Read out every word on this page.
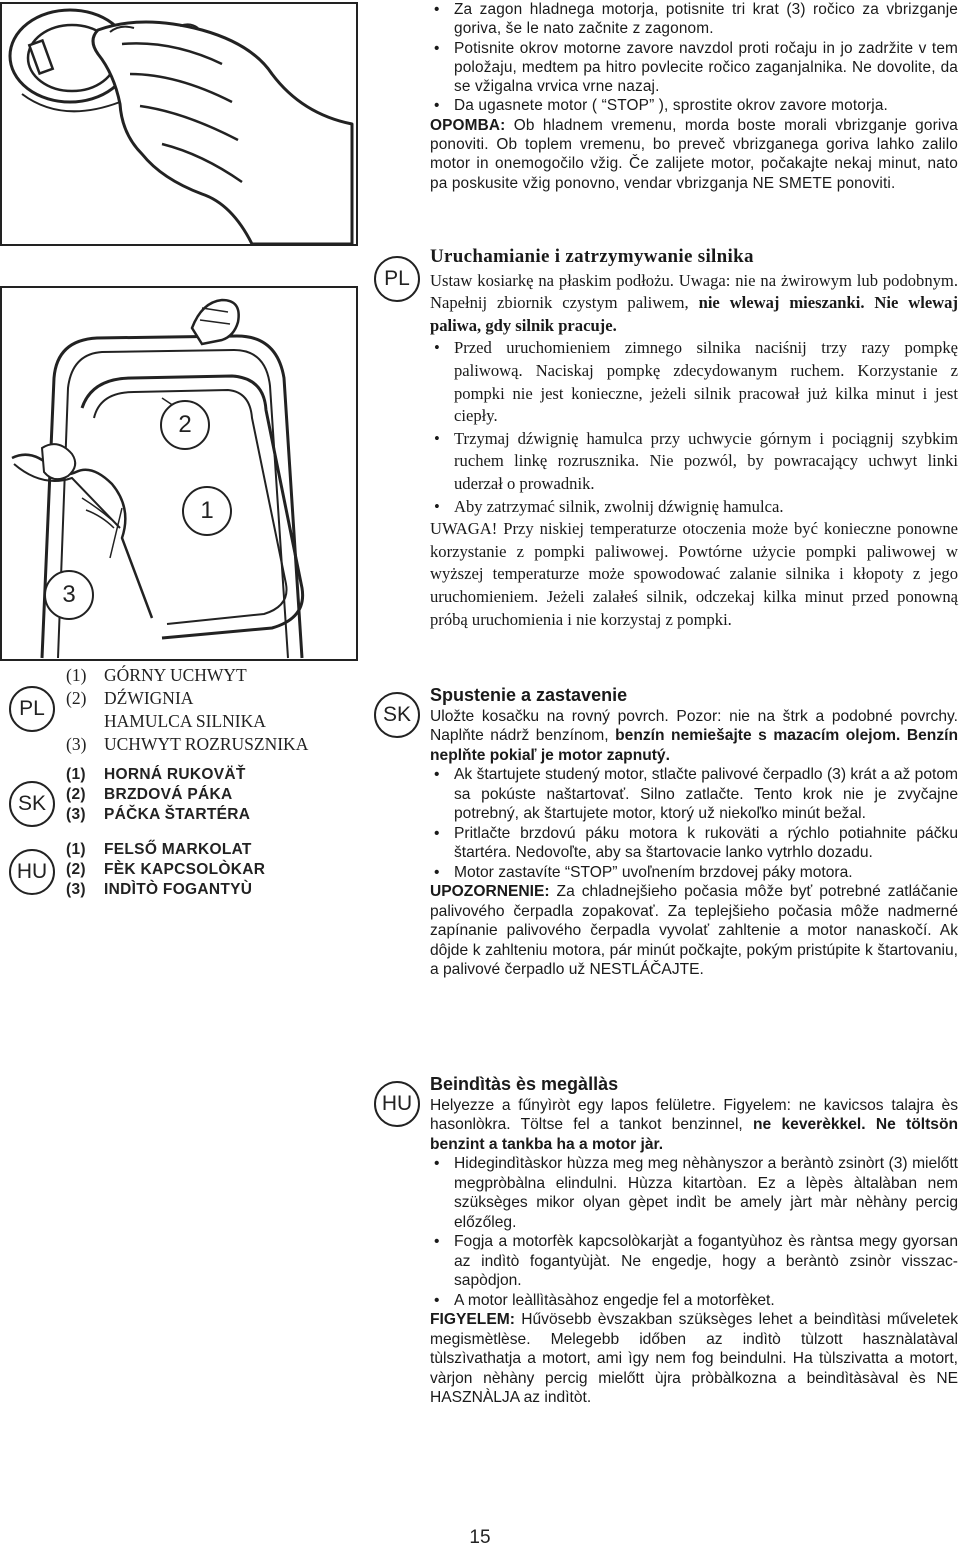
2
1
3
PL
(1)	GÓRNY UCHWYT
(2)	DŹWIGNIA
HAMULCA SILNIKA
(3)	UCHWYT ROZRUSZNIKA
SK
(1)	HORNÁ RUKOVÄŤ
(2)	BRZDOVÁ PÁKA
(3)	PÁČKA ŠTARTÉRA
HU
(1)	FELSŐ MARKOLAT
(2)	FÈK KAPCSOLÒKAR
(3)	INDÌTÒ FOGANTYÙ
• Za zagon hladnega motorja, potisnite tri krat (3) ročico za vbrizganje goriva, še le nato začnite z zagonom.
• Potisnite okrov motorne zavore navzdol proti ročaju in jo zadržite v tem položaju, medtem pa hitro povlecite ročico zaganjalnika. Ne dovolite, da se vžigalna vrvica vrne nazaj.
• Da ugasnete motor ( “STOP” ), sprostite okrov zavore motorja.

OPOMBA: Ob hladnem vremenu, morda boste morali vbrizganje goriva ponoviti. Ob toplem vremenu, bo preveč vbrizganega goriva lahko zalilo motor in onemogočilo vžig. Če zalijete motor, počakajte nekaj minut, nato pa poskusite vžig ponovno, vendar vbrizganja NE SMETE ponoviti.

PL
Uruchamianie i zatrzymywanie silnika

Ustaw kosiarkę na płaskim podłożu. Uwaga: nie na żwirowym lub podobnym. Napełnij zbiornik czystym paliwem, nie wlewaj mieszanki. Nie wlewaj paliwa, gdy silnik pracuje.

• Przed uruchomieniem zimnego silnika naciśnij trzy razy pompkę paliwową. Naciskaj pompkę zdecydowanym ruchem. Korzystanie z pompki nie jest konieczne, jeżeli silnik pracował już kilka minut i jest ciepły.
• Trzymaj dźwignię hamulca przy uchwycie górnym i pociągnij szybkim ruchem linkę rozrusznika. Nie pozwól, by powracający uchwyt linki uderzał o prowadnik.
• Aby zatrzymać silnik, zwolnij dźwignię hamulca.

UWAGA! Przy niskiej temperaturze otoczenia może być konieczne ponowne korzystanie z pompki paliwowej. Powtórne użycie pompki paliwowej w wyższej temperaturze może spowodować zalanie silnika i kłopoty z jego uruchomieniem. Jeżeli zalałeś silnik, odczekaj kilka minut przed ponowną próbą uruchomienia i nie korzystaj z pompki.

SK
Spustenie a zastavenie

Uložte kosačku na rovný povrch. Pozor: nie na štrk a podobné povrchy. Naplňte nádrž benzínom, benzín nemiešajte s mazacím olejom. Benzín neplňte pokiaľ je motor zapnutý.

• Ak štartujete studený motor, stlačte palivové čerpadlo (3) krát a až potom sa pokúste naštartovať. Silno zatlačte. Tento krok nie je zvyčajne potrebný, ak štartujete motor, ktorý už niekoľko minút bežal.
• Pritlačte brzdovú páku motora k rukoväti a rýchlo potiahnite páčku štartéra. Nedovoľte, aby sa štartovacie lanko vytrhlo dozadu.
• Motor zastavíte “STOP” uvoľnením brzdovej páky motora.

UPOZORNENIE: Za chladnejšieho počasia môže byť potrebné zatláčanie palivového čerpadla zopakovať. Za teplejšieho počasia môže nadmerné zapínanie palivového čerpadla vyvolať zahltenie a motor nanaskočí. Ak dôjde k zahlteniu motora, pár minút počkajte, pokým pristúpite k štartovaniu, a palivové čerpadlo už NESTLÁČAJTE.

HU
Beindìtàs ès megàllàs

Helyezze a fűnyìròt egy lapos felületre. Figyelem: ne kavicsos talajra ès hasonlòkra. Töltse fel a tankot benzinnel, ne keverèkkel. Ne töltsön benzint a tankba ha a motor jàr.

• Hidegindìtàskor hùzza meg meg nèhànyszor a beràntò zsinòrt (3) mielőtt megpròbàlna elindulni. Hùzza kitartòan. Ez a lèpès àltalàban nem szüksèges mikor olyan gèpet indìt be amely jàrt màr nèhàny percig előzőleg.
• Fogja a motorfèk kapcsolòkarjàt a fogantyùhoz ès ràntsa megy gyorsan az indìtò fogantyùjàt. Ne engedje, hogy a beràntò zsinòr visszac-sapòdjon.
• A motor leàllìtàsàhoz engedje fel a motorfèket.

FIGYELEM: Hűvösebb èvszakban szüksèges lehet a beindìtàsi műveletek megismètlèse. Melegebb időben az indìtò tùlzott hasznàlatàval tùlszìvathatja a motort, ami ìgy nem fog beindulni. Ha tùlszivatta a motort, vàrjon nèhàny percig mielőtt ùjra pròbàlkozna a beindìtàsàval ès NE HASZNÀLJA az indìtòt.

15
